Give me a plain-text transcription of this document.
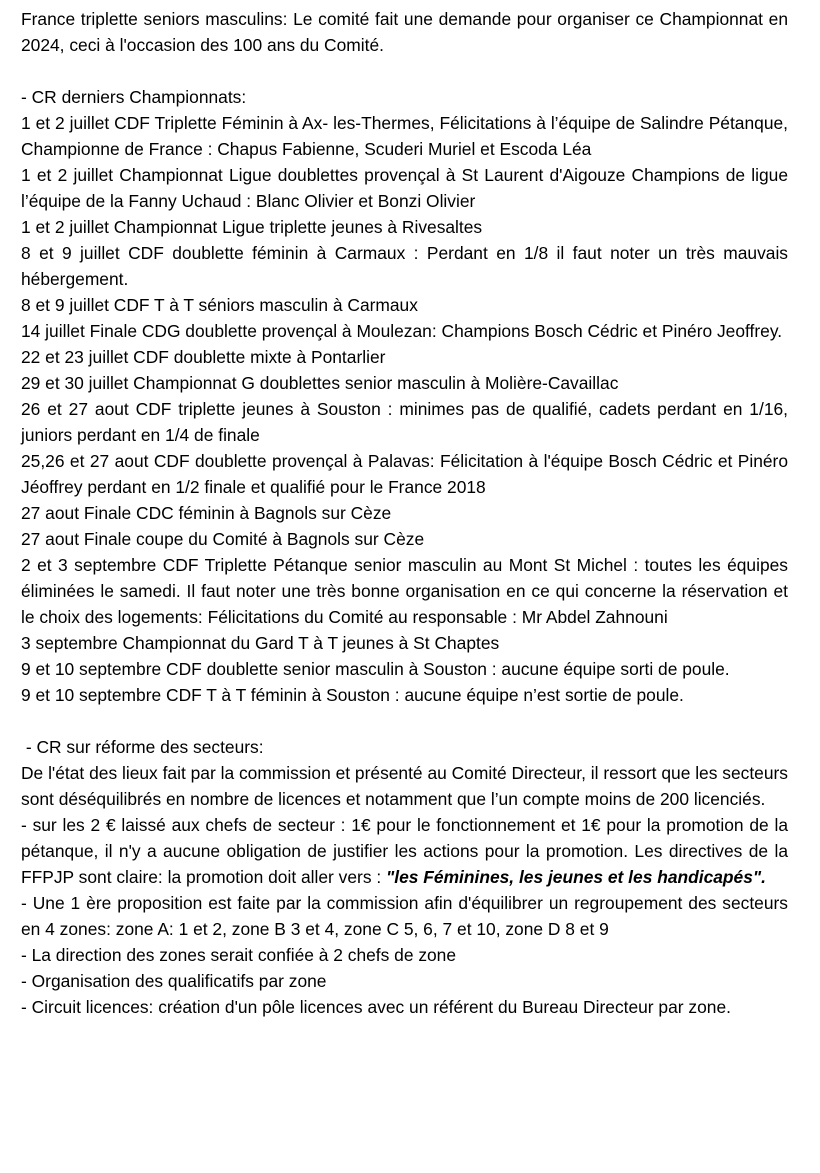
France triplette seniors masculins: Le comité fait une demande pour organiser ce Championnat en 2024, ceci à l'occasion des 100 ans du Comité.

- CR derniers Championnats:

1 et 2 juillet CDF Triplette Féminin à Ax- les-Thermes, Félicitations à l’équipe de Salindre Pétanque, Championne de France : Chapus Fabienne, Scuderi Muriel et Escoda Léa

1 et 2 juillet Championnat Ligue doublettes provençal à St Laurent d'Aigouze Champions de ligue l’équipe de la Fanny Uchaud : Blanc Olivier et Bonzi Olivier

1 et 2 juillet Championnat Ligue triplette jeunes à Rivesaltes

8 et 9 juillet CDF doublette féminin à Carmaux : Perdant en 1/8 il faut noter un très mauvais hébergement.

8 et 9 juillet CDF T à T séniors masculin à Carmaux

14 juillet Finale CDG doublette provençal à Moulezan: Champions Bosch Cédric et Pinéro Jeoffrey.

22 et 23 juillet CDF doublette mixte à Pontarlier

29 et 30 juillet Championnat G doublettes senior masculin à Molière-Cavaillac

26 et 27 aout CDF triplette jeunes à Souston : minimes pas de qualifié, cadets perdant en 1/16, juniors perdant en 1/4 de finale

25,26 et 27 aout CDF doublette provençal à Palavas: Félicitation à l'équipe Bosch Cédric et Pinéro Jéoffrey perdant en 1/2 finale et qualifié pour le France 2018

27 aout Finale CDC féminin à Bagnols sur Cèze

27 aout Finale coupe du Comité à Bagnols sur Cèze

2 et 3 septembre CDF Triplette Pétanque senior masculin au Mont St Michel : toutes les équipes éliminées le samedi. Il faut noter une très bonne organisation en ce qui concerne la réservation et le choix des logements: Félicitations du Comité au responsable : Mr Abdel Zahnouni

3 septembre Championnat du Gard T à T jeunes à St Chaptes

9 et 10 septembre CDF doublette senior masculin à Souston : aucune équipe sorti de poule.

9 et 10 septembre CDF T à T féminin à Souston : aucune équipe n’est sortie de poule.

- CR sur réforme des secteurs:

De l'état des lieux fait par la commission et présenté au Comité Directeur, il ressort que les secteurs sont déséquilibrés en nombre de licences et notamment que l’un compte moins de 200 licenciés.

- sur les 2 € laissé aux chefs de secteur : 1€ pour le fonctionnement et 1€ pour la promotion de la pétanque, il n'y a aucune obligation de justifier les actions pour la promotion. Les directives de la FFPJP sont claire: la promotion doit aller vers : "les Féminines, les jeunes et les handicapés".

- Une 1 ère proposition est faite par la commission afin d'équilibrer un regroupement des secteurs en 4 zones: zone A: 1 et 2, zone B 3 et 4, zone C 5, 6, 7 et 10, zone D 8 et 9

- La direction des zones serait confiée à 2 chefs de zone

- Organisation des qualificatifs par zone

- Circuit licences: création d'un pôle licences avec un référent du Bureau Directeur par zone.
